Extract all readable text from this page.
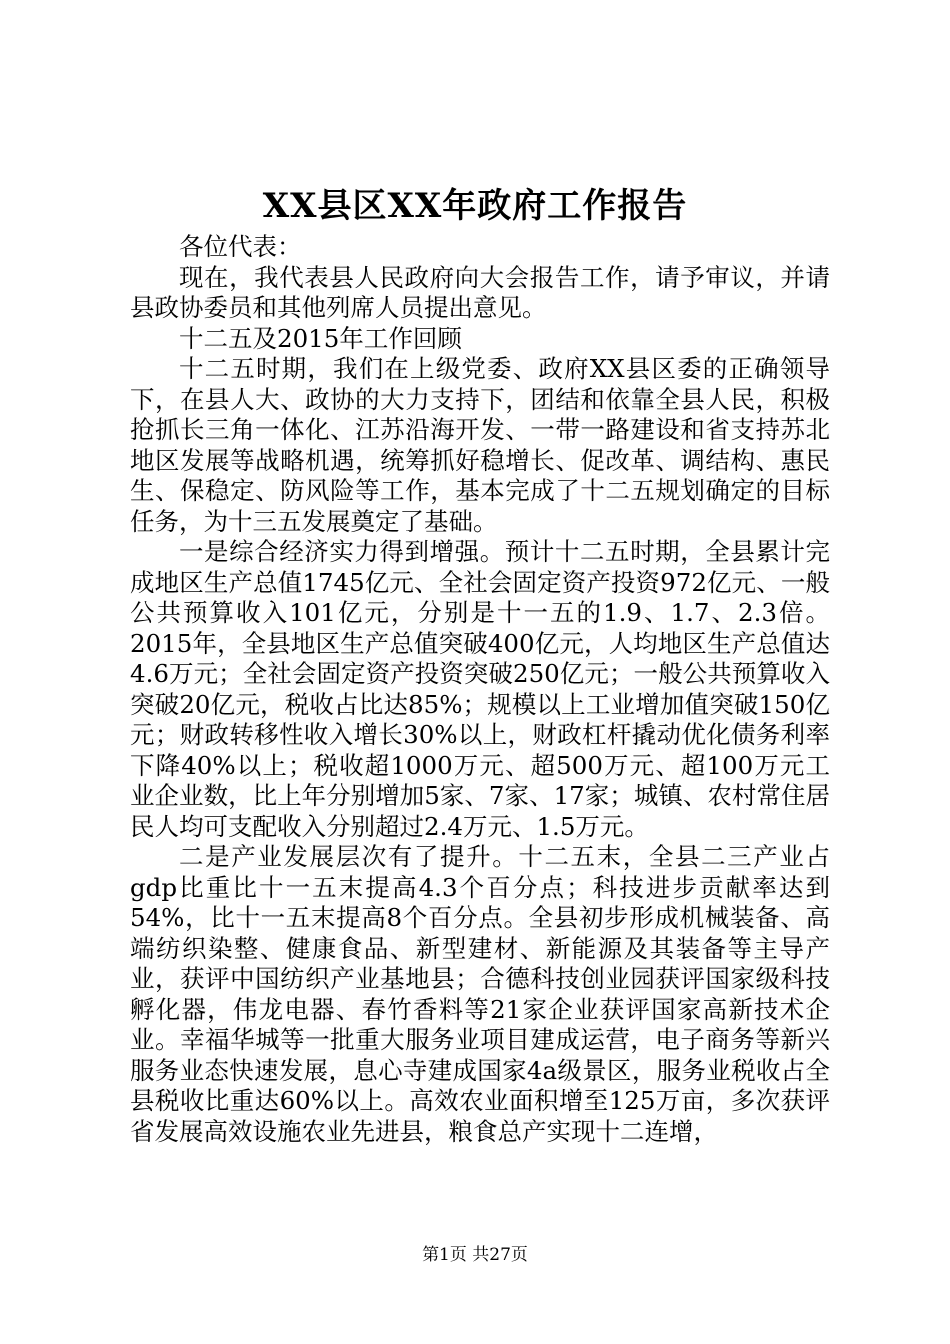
XX县区XX年政府工作报告

各位代表：

现在，我代表县人民政府向大会报告工作，请予审议，并请县政协委员和其他列席人员提出意见。

十二五及2015年工作回顾

十二五时期，我们在上级党委、政府XX县区委的正确领导下，在县人大、政协的大力支持下，团结和依靠全县人民，积极抢抓长三角一体化、江苏沿海开发、一带一路建设和省支持苏北地区发展等战略机遇，统筹抓好稳增长、促改革、调结构、惠民生、保稳定、防风险等工作，基本完成了十二五规划确定的目标任务，为十三五发展奠定了基础。

一是综合经济实力得到增强。预计十二五时期，全县累计完成地区生产总值1745亿元、全社会固定资产投资972亿元、一般公共预算收入101亿元，分别是十一五的1.9、1.7、2.3倍。2015年，全县地区生产总值突破400亿元，人均地区生产总值达4.6万元；全社会固定资产投资突破250亿元；一般公共预算收入突破20亿元，税收占比达85%；规模以上工业增加值突破150亿元；财政转移性收入增长30%以上，财政杠杆撬动优化债务利率下降40%以上；税收超1000万元、超500万元、超100万元工业企业数，比上年分别增加5家、7家、17家；城镇、农村常住居民人均可支配收入分别超过2.4万元、1.5万元。

二是产业发展层次有了提升。十二五末，全县二三产业占gdp比重比十一五末提高4.3个百分点；科技进步贡献率达到54%，比十一五末提高8个百分点。全县初步形成机械装备、高端纺织染整、健康食品、新型建材、新能源及其装备等主导产业，获评中国纺织产业基地县；合德科技创业园获评国家级科技孵化器，伟龙电器、春竹香料等21家企业获评国家高新技术企业。幸福华城等一批重大服务业项目建成运营，电子商务等新兴服务业态快速发展，息心寺建成国家4a级景区，服务业税收占全县税收比重达60%以上。高效农业面积增至125万亩，多次获评省发展高效设施农业先进县，粮食总产实现十二连增，

第1页 共27页
